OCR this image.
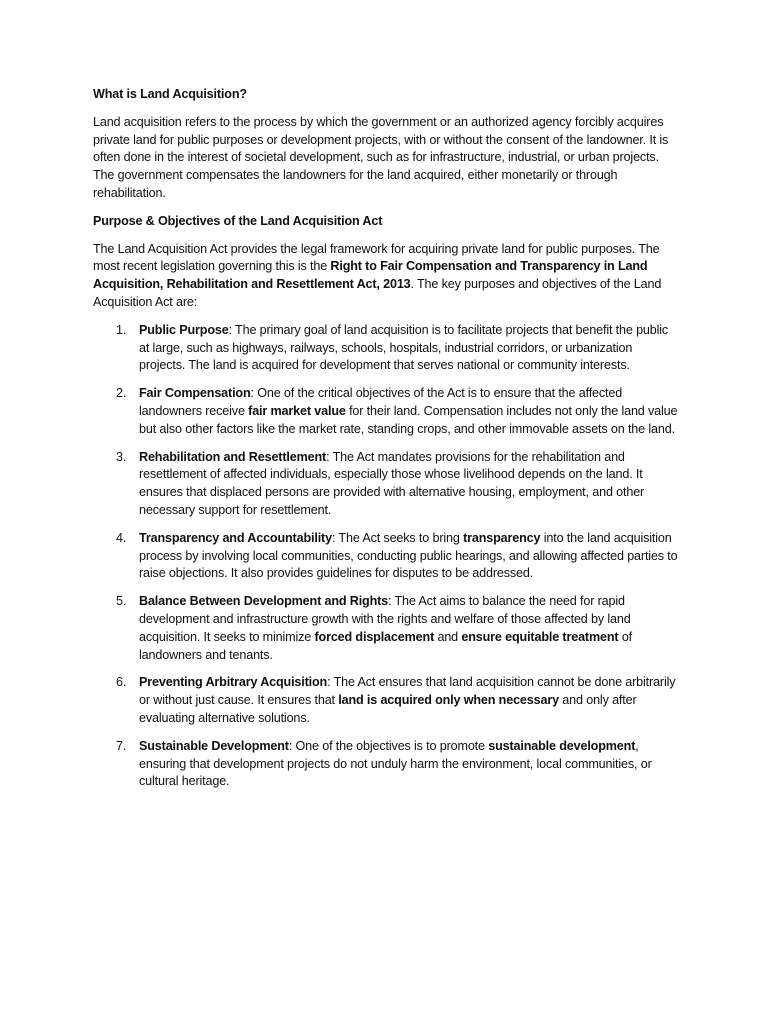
What is Land Acquisition?

Land acquisition refers to the process by which the government or an authorized agency forcibly acquires private land for public purposes or development projects, with or without the consent of the landowner. It is often done in the interest of societal development, such as for infrastructure, industrial, or urban projects. The government compensates the landowners for the land acquired, either monetarily or through rehabilitation.

Purpose & Objectives of the Land Acquisition Act

The Land Acquisition Act provides the legal framework for acquiring private land for public purposes. The most recent legislation governing this is the Right to Fair Compensation and Transparency in Land Acquisition, Rehabilitation and Resettlement Act, 2013. The key purposes and objectives of the Land Acquisition Act are:

1. Public Purpose: The primary goal of land acquisition is to facilitate projects that benefit the public at large, such as highways, railways, schools, hospitals, industrial corridors, or urbanization projects. The land is acquired for development that serves national or community interests.
2. Fair Compensation: One of the critical objectives of the Act is to ensure that the affected landowners receive fair market value for their land. Compensation includes not only the land value but also other factors like the market rate, standing crops, and other immovable assets on the land.
3. Rehabilitation and Resettlement: The Act mandates provisions for the rehabilitation and resettlement of affected individuals, especially those whose livelihood depends on the land. It ensures that displaced persons are provided with alternative housing, employment, and other necessary support for resettlement.
4. Transparency and Accountability: The Act seeks to bring transparency into the land acquisition process by involving local communities, conducting public hearings, and allowing affected parties to raise objections. It also provides guidelines for disputes to be addressed.
5. Balance Between Development and Rights: The Act aims to balance the need for rapid development and infrastructure growth with the rights and welfare of those affected by land acquisition. It seeks to minimize forced displacement and ensure equitable treatment of landowners and tenants.
6. Preventing Arbitrary Acquisition: The Act ensures that land acquisition cannot be done arbitrarily or without just cause. It ensures that land is acquired only when necessary and only after evaluating alternative solutions.
7. Sustainable Development: One of the objectives is to promote sustainable development, ensuring that development projects do not unduly harm the environment, local communities, or cultural heritage.
